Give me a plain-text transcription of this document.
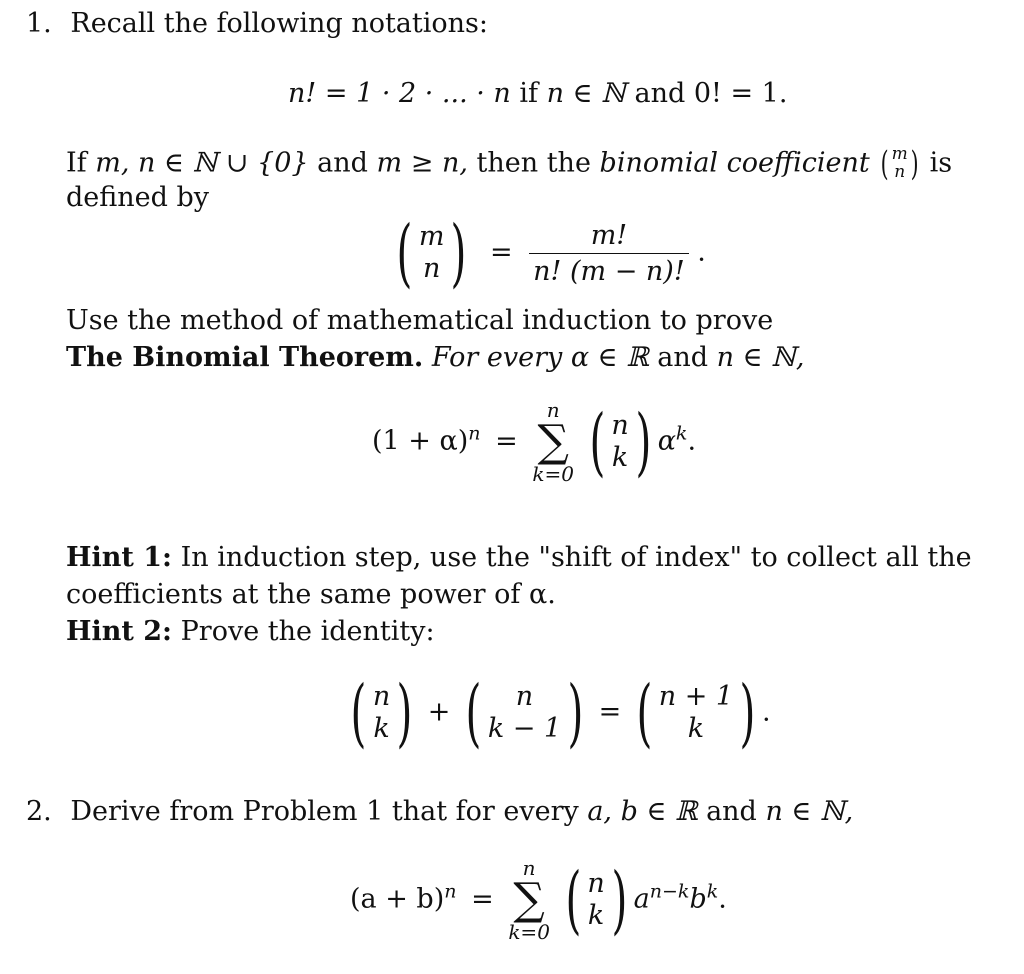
1. Recall the following notations:
n! = 1 · 2 · ... · n if n ∈ ℕ and 0! = 1.
If m, n ∈ ℕ ∪ {0} and m ≥ n, then the binomial coefficient ( m
n ) is
defined by
( m
n ) = $\frac{m!}{n! (m - n)!}$ .
Use the method of mathematical induction to prove
The Binomial Theorem. For every α ∈ ℝ and n ∈ ℕ,
$(1 + \alpha)^n$ =
n
∑
k=0
( n
k ) $\alpha^k$.
Hint 1: In induction step, use the "shift of index" to collect all the
coefficients at the same power of α.
Hint 2: Prove the identity:
( n
k ) + ( n
k − 1 ) = ( n + 1
k ) .
2. Derive from Problem 1 that for every a, b ∈ ℝ and n ∈ ℕ,
$(a + b)^n$ =
n
∑
k=0
( n
k ) $a^{n-k}b^k$.
